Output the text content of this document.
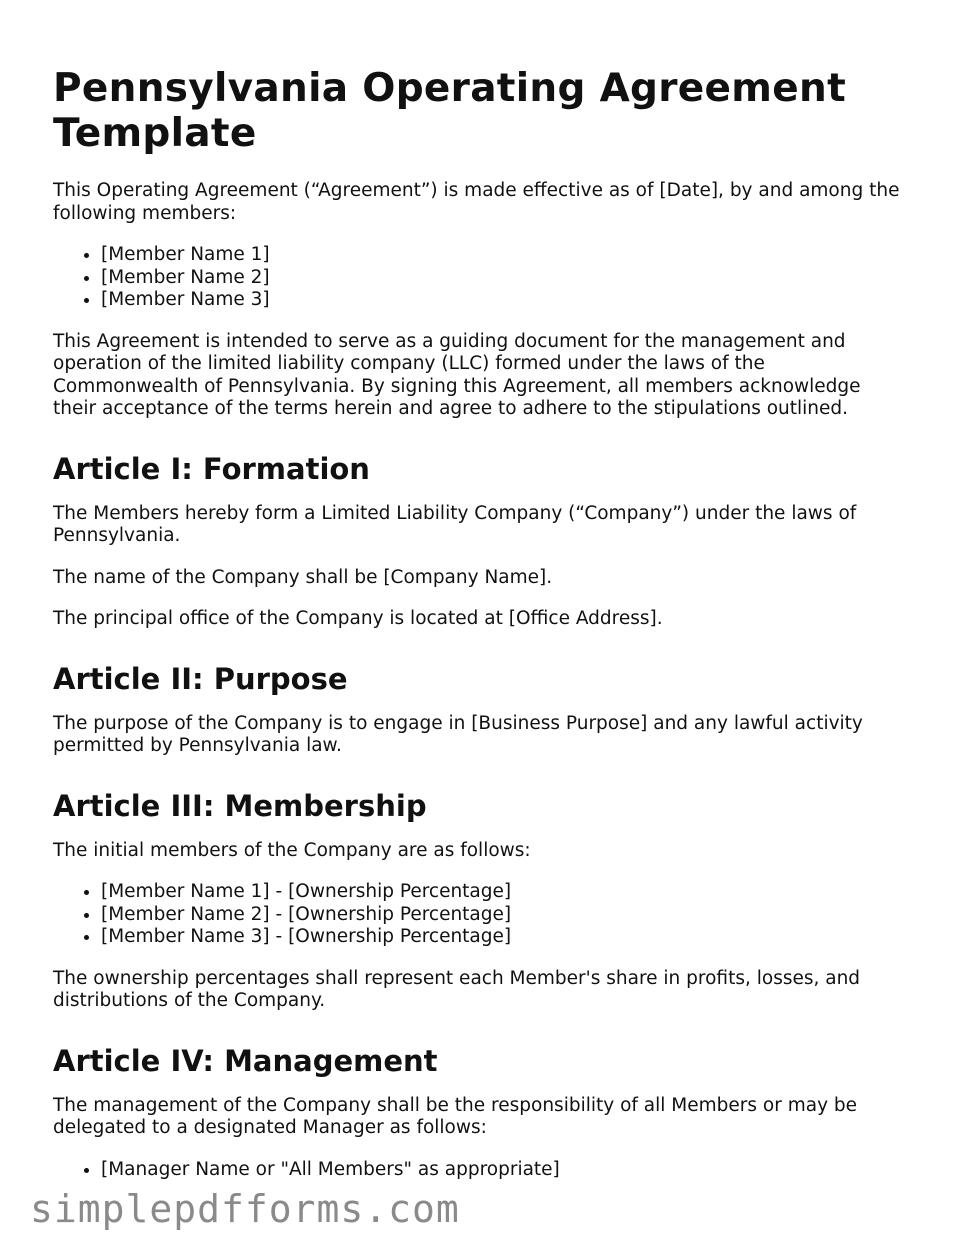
Pennsylvania Operating Agreement Template

This Operating Agreement (“Agreement”) is made effective as of [Date], by and among the following members:

• [Member Name 1]
• [Member Name 2]
• [Member Name 3]

This Agreement is intended to serve as a guiding document for the management and operation of the limited liability company (LLC) formed under the laws of the Commonwealth of Pennsylvania. By signing this Agreement, all members acknowledge their acceptance of the terms herein and agree to adhere to the stipulations outlined.

Article I: Formation

The Members hereby form a Limited Liability Company (“Company”) under the laws of Pennsylvania.

The name of the Company shall be [Company Name].

The principal office of the Company is located at [Office Address].

Article II: Purpose

The purpose of the Company is to engage in [Business Purpose] and any lawful activity permitted by Pennsylvania law.

Article III: Membership

The initial members of the Company are as follows:

• [Member Name 1] - [Ownership Percentage]
• [Member Name 2] - [Ownership Percentage]
• [Member Name 3] - [Ownership Percentage]

The ownership percentages shall represent each Member's share in profits, losses, and distributions of the Company.

Article IV: Management

The management of the Company shall be the responsibility of all Members or may be delegated to a designated Manager as follows:

• [Manager Name or "All Members" as appropriate]
simplepdfforms.com
